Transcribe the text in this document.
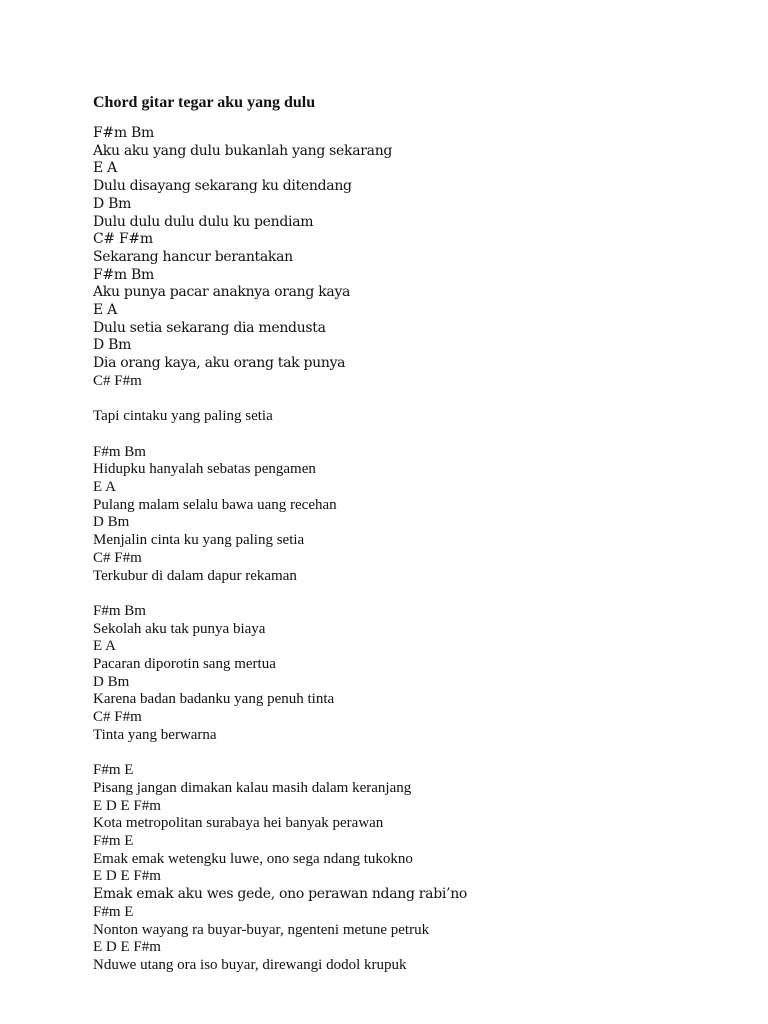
Chord gitar tegar aku yang dulu
F#m Bm
Aku aku yang dulu bukanlah yang sekarang
E A
Dulu disayang sekarang ku ditendang
D Bm
Dulu dulu dulu dulu ku pendiam
C# F#m
Sekarang hancur berantakan
F#m Bm
Aku punya pacar anaknya orang kaya
E A
Dulu setia sekarang dia mendusta
D Bm
Dia orang kaya, aku orang tak punya
C# F#m
Tapi cintaku yang paling setia
F#m Bm
Hidupku hanyalah sebatas pengamen
E A
Pulang malam selalu bawa uang recehan
D Bm
Menjalin cinta ku yang paling setia
C# F#m
Terkubur di dalam dapur rekaman
F#m Bm
Sekolah aku tak punya biaya
E A
Pacaran diporotin sang mertua
D Bm
Karena badan badanku yang penuh tinta
C# F#m
Tinta yang berwarna
F#m E
Pisang jangan dimakan kalau masih dalam keranjang
E D E F#m
Kota metropolitan surabaya hei banyak perawan
F#m E
Emak emak wetengku luwe, ono sega ndang tukokno
E D E F#m
Emak emak aku wes gede, ono perawan ndang rabi’no
F#m E
Nonton wayang ra buyar-buyar, ngenteni metune petruk
E D E F#m
Nduwe utang ora iso buyar, direwangi dodol krupuk
